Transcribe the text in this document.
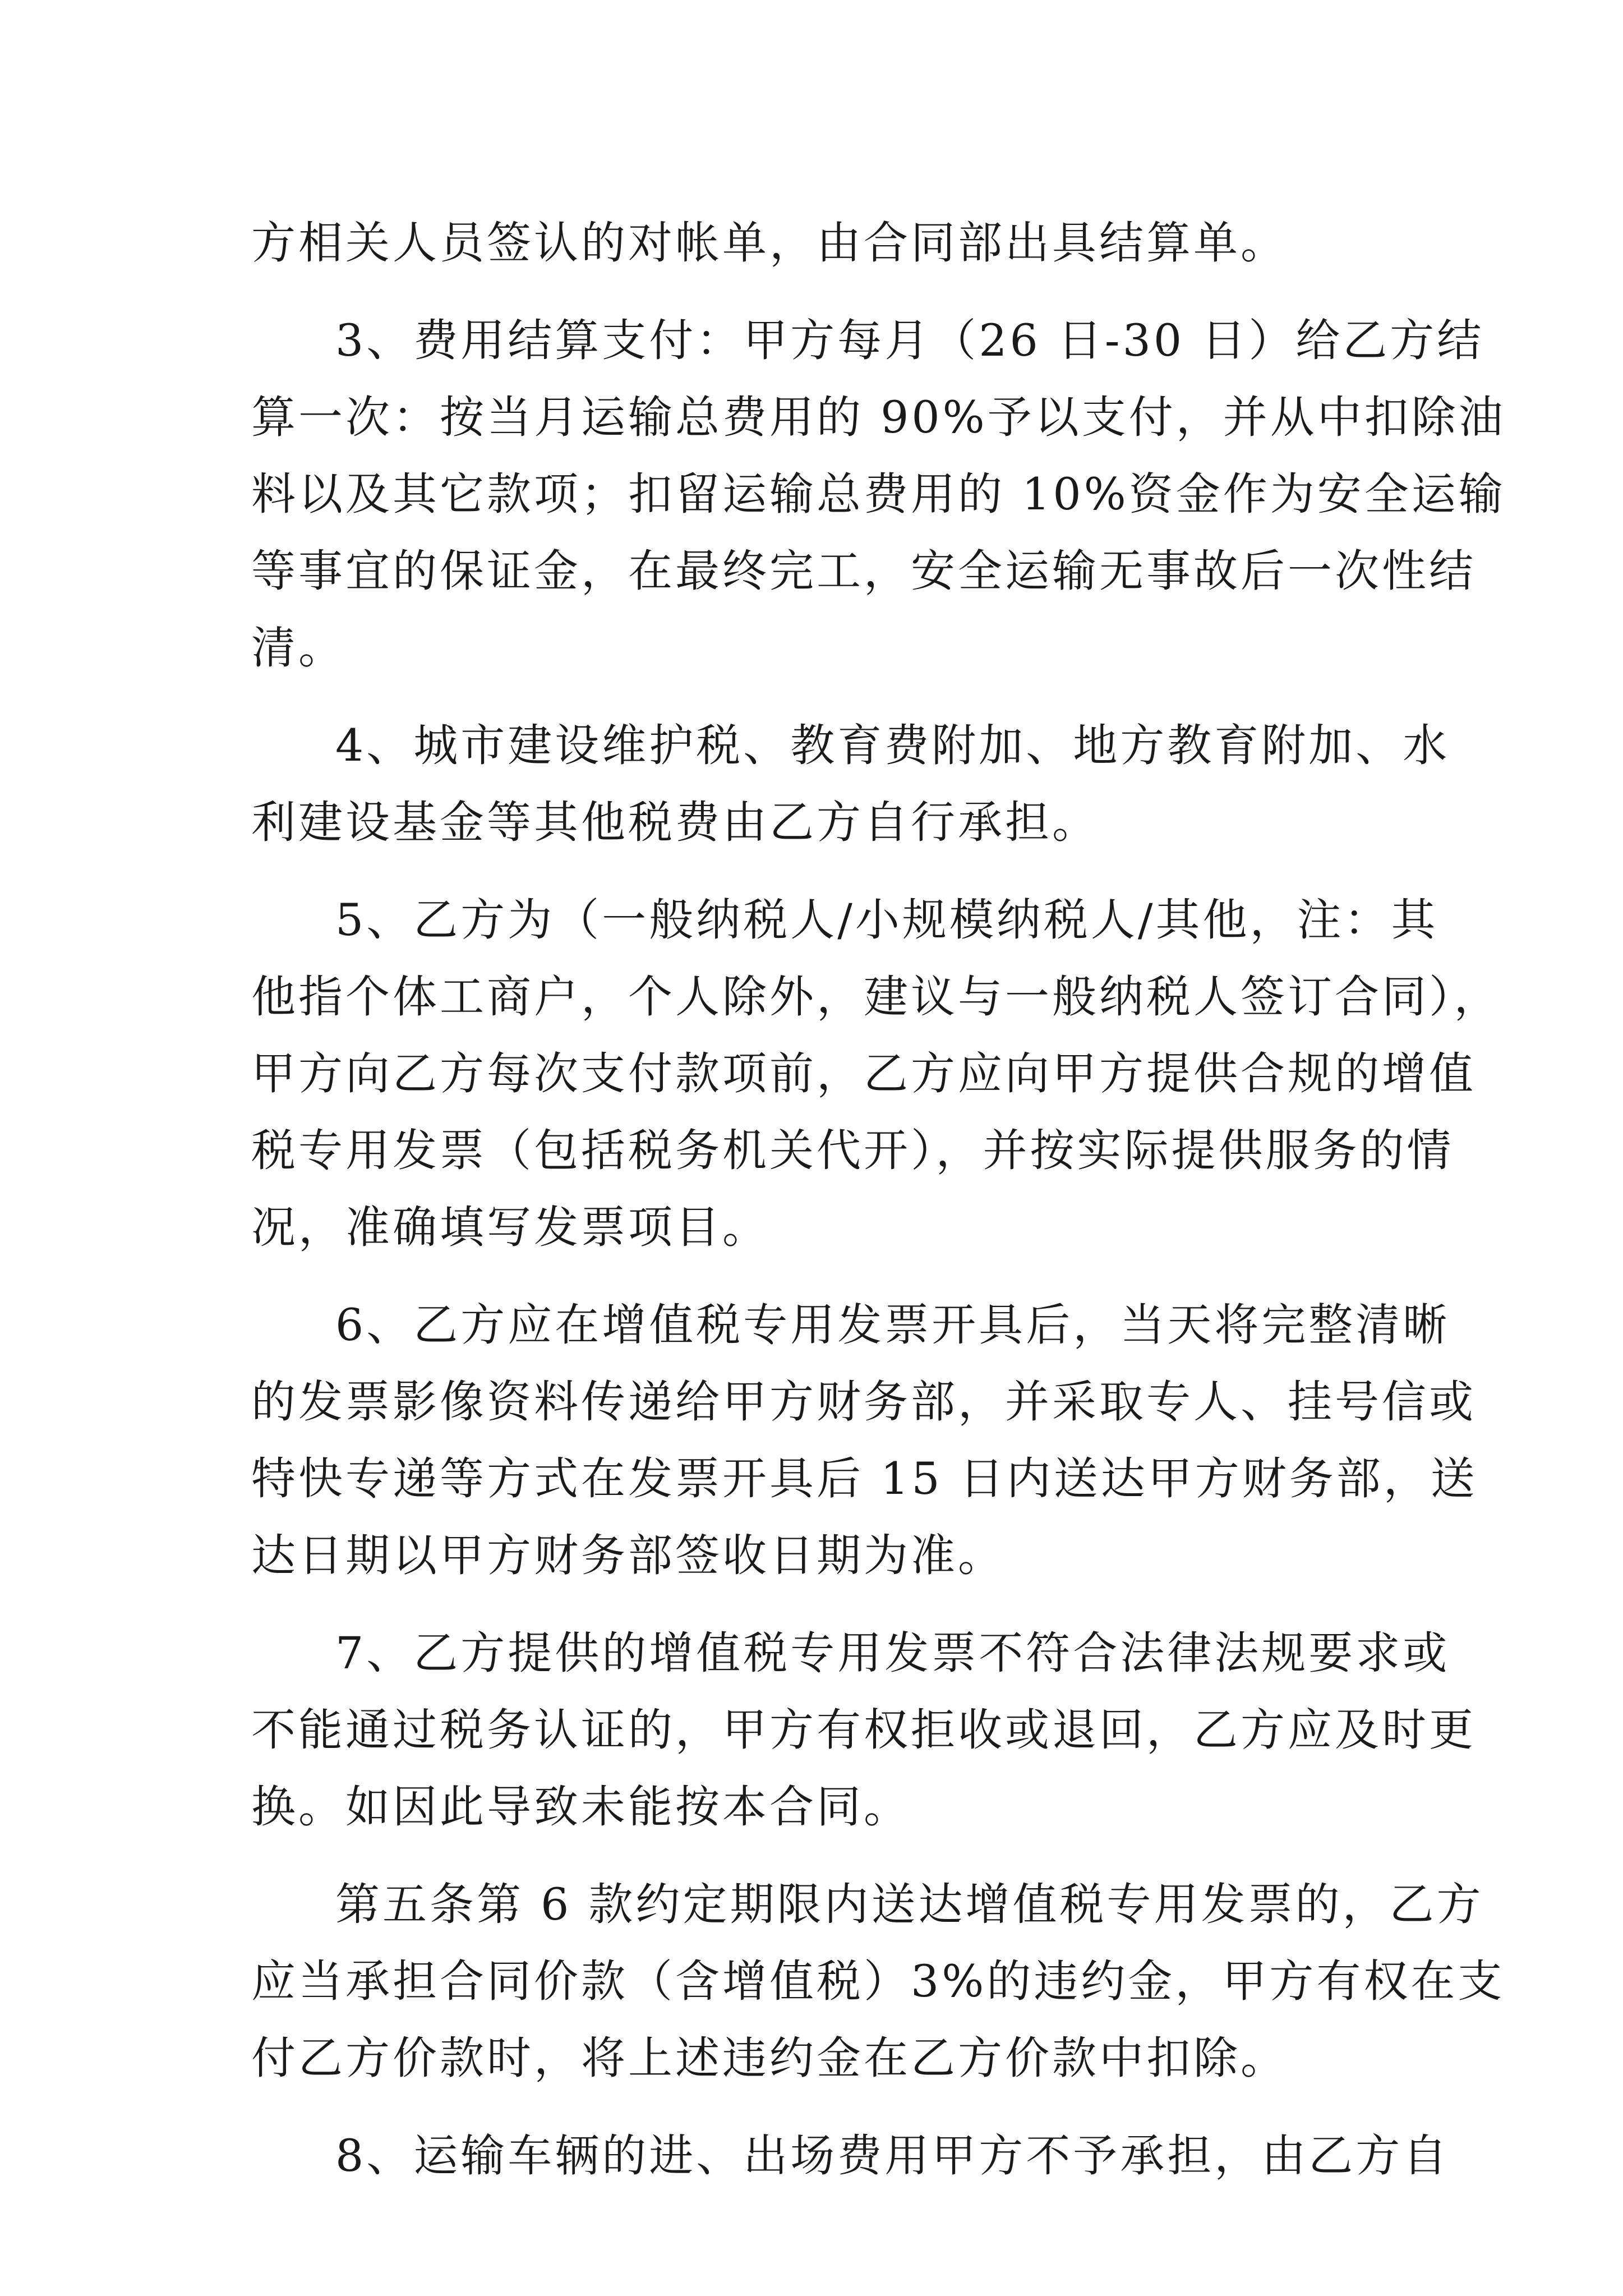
方相关人员签认的对帐单，由合同部出具结算单。
3、费用结算支付：甲方每月（26 日-30 日）给乙方结
算一次：按当月运输总费用的 90%予以支付，并从中扣除油
料以及其它款项；扣留运输总费用的 10%资金作为安全运输
等事宜的保证金，在最终完工，安全运输无事故后一次性结
清。
4、城市建设维护税、教育费附加、地方教育附加、水
利建设基金等其他税费由乙方自行承担。
5、乙方为（一般纳税人/小规模纳税人/其他，注：其
他指个体工商户，个人除外，建议与一般纳税人签订合同），
甲方向乙方每次支付款项前，乙方应向甲方提供合规的增值
税专用发票（包括税务机关代开），并按实际提供服务的情
况，准确填写发票项目。
6、乙方应在增值税专用发票开具后，当天将完整清晰
的发票影像资料传递给甲方财务部，并采取专人、挂号信或
特快专递等方式在发票开具后 15 日内送达甲方财务部，送
达日期以甲方财务部签收日期为准。
7、乙方提供的增值税专用发票不符合法律法规要求或
不能通过税务认证的，甲方有权拒收或退回，乙方应及时更
换。如因此导致未能按本合同。
第五条第 6 款约定期限内送达增值税专用发票的，乙方
应当承担合同价款（含增值税）3%的违约金，甲方有权在支
付乙方价款时，将上述违约金在乙方价款中扣除。
8、运输车辆的进、出场费用甲方不予承担，由乙方自
